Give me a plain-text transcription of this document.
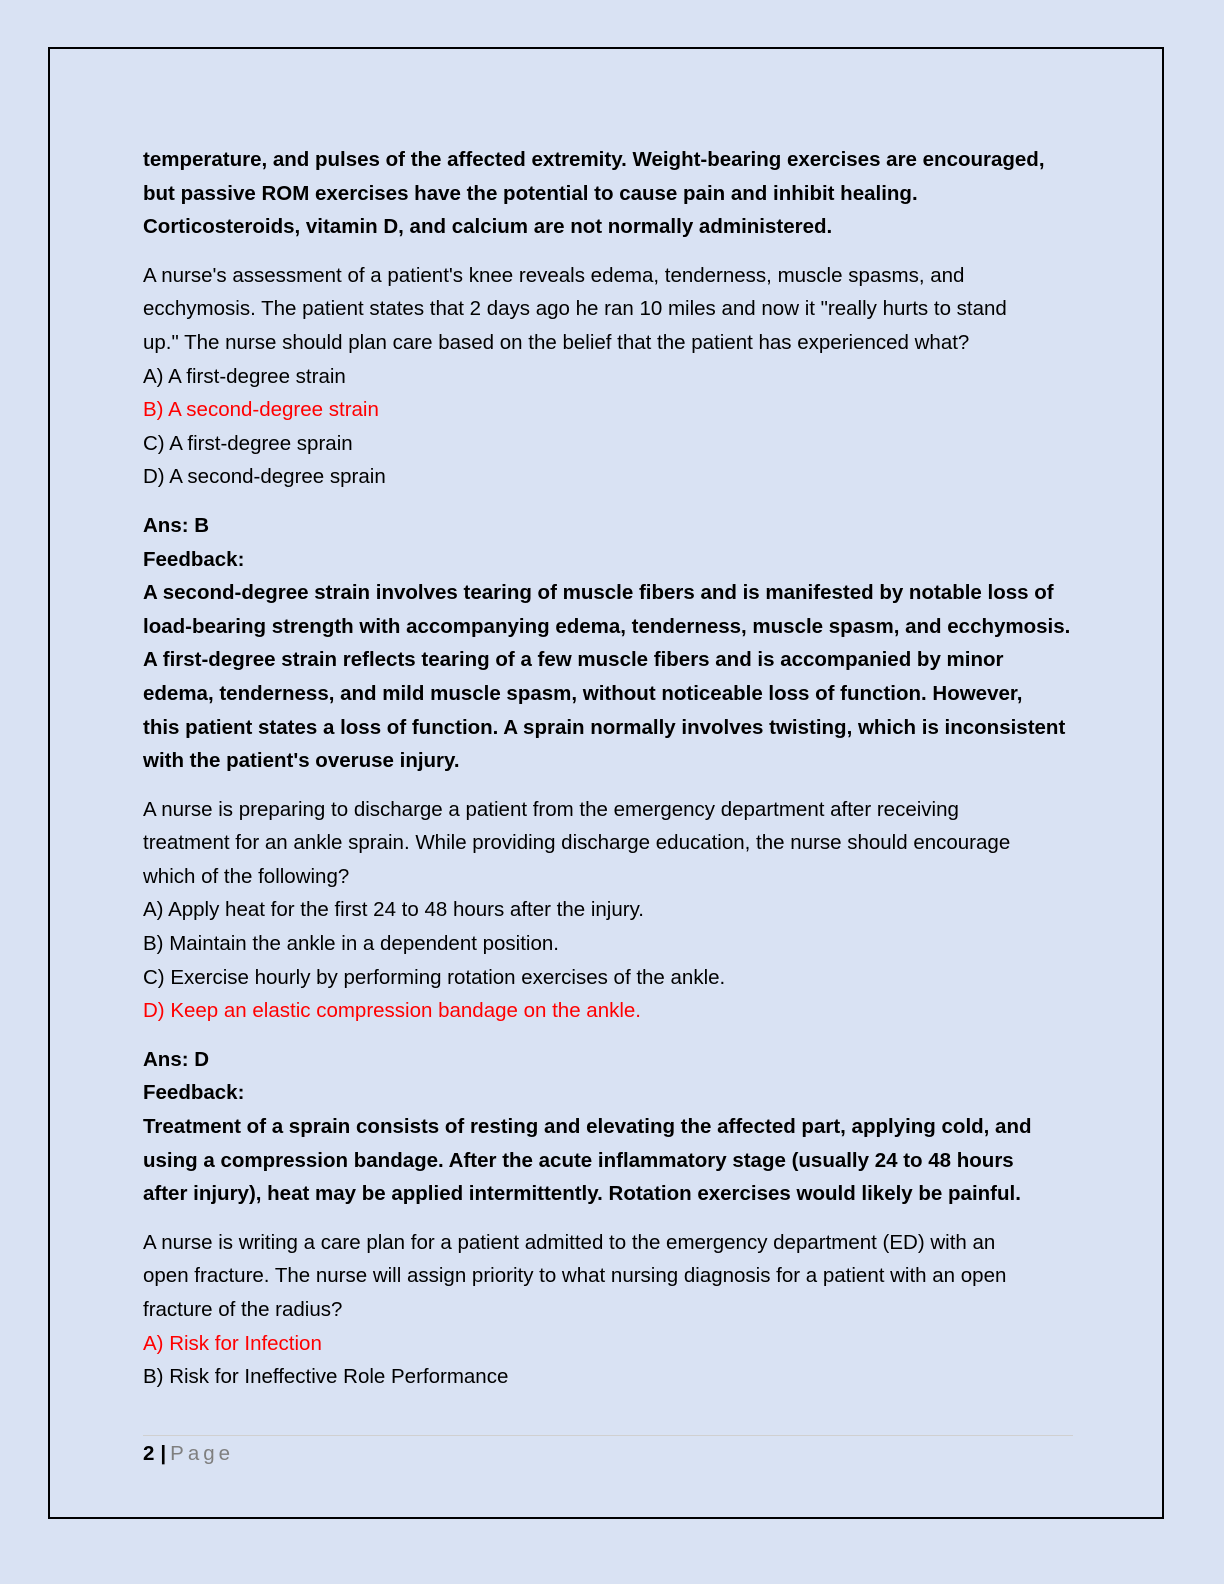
temperature, and pulses of the affected extremity. Weight-bearing exercises are encouraged,
but passive ROM exercises have the potential to cause pain and inhibit healing.
Corticosteroids, vitamin D, and calcium are not normally administered.

A nurse's assessment of a patient's knee reveals edema, tenderness, muscle spasms, and
ecchymosis. The patient states that 2 days ago he ran 10 miles and now it "really hurts to stand
up." The nurse should plan care based on the belief that the patient has experienced what?

A) A first-degree strain
B) A second-degree strain
C) A first-degree sprain
D) A second-degree sprain
Ans: B
Feedback:
A second-degree strain involves tearing of muscle fibers and is manifested by notable loss of
load-bearing strength with accompanying edema, tenderness, muscle spasm, and ecchymosis.
A first-degree strain reflects tearing of a few muscle fibers and is accompanied by minor
edema, tenderness, and mild muscle spasm, without noticeable loss of function. However,
this patient states a loss of function. A sprain normally involves twisting, which is inconsistent
with the patient's overuse injury.

A nurse is preparing to discharge a patient from the emergency department after receiving
treatment for an ankle sprain. While providing discharge education, the nurse should encourage
which of the following?

A) Apply heat for the first 24 to 48 hours after the injury.
B) Maintain the ankle in a dependent position.
C) Exercise hourly by performing rotation exercises of the ankle.
D) Keep an elastic compression bandage on the ankle.
Ans: D
Feedback:
Treatment of a sprain consists of resting and elevating the affected part, applying cold, and
using a compression bandage. After the acute inflammatory stage (usually 24 to 48 hours
after injury), heat may be applied intermittently. Rotation exercises would likely be painful.

A nurse is writing a care plan for a patient admitted to the emergency department (ED) with an
open fracture. The nurse will assign priority to what nursing diagnosis for a patient with an open
fracture of the radius?

A) Risk for Infection
B) Risk for Ineffective Role Performance
2 | Page
